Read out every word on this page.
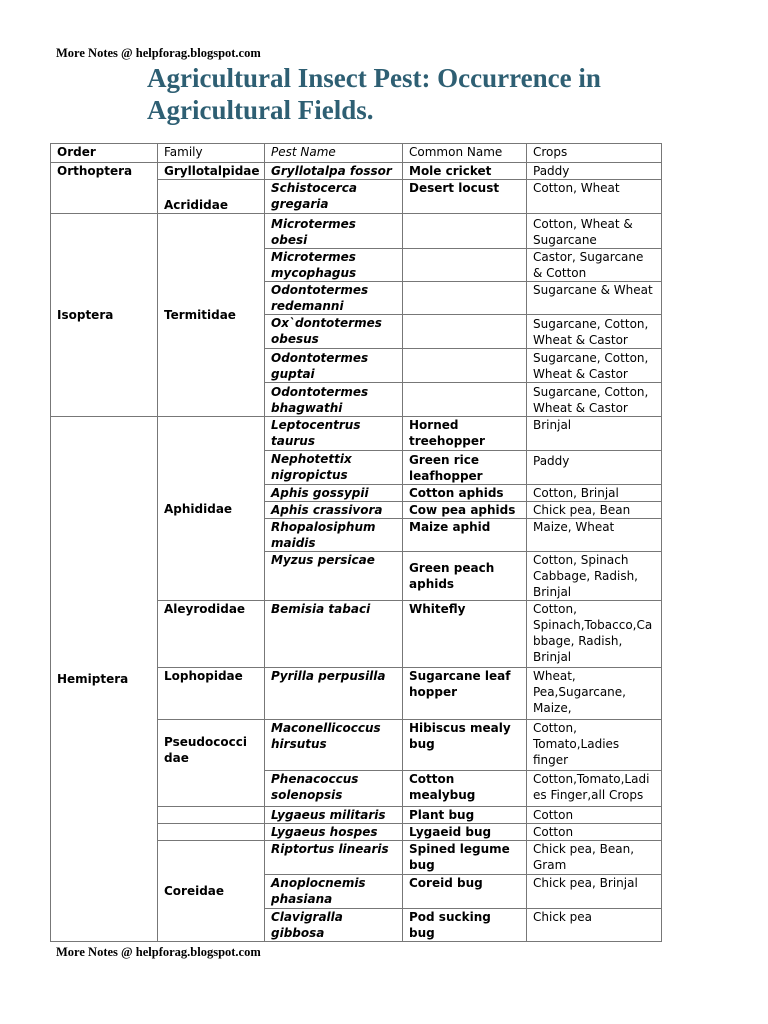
More Notes @ helpforag.blogspot.com
Agricultural Insect Pest: Occurrence in Agricultural Fields.
Order	Family	Pest Name	Common Name	Crops
Orthoptera	Gryllotalpidae	Gryllotalpa fossor	Mole cricket	Paddy
	Acrididae	Schistocerca gregaria	Desert locust	Cotton, Wheat
Isoptera	Termitidae	Microtermes obesi		Cotton, Wheat & Sugarcane
		Microtermes mycophagus		Castor, Sugarcane & Cotton
		Odontotermes redemanni		Sugarcane & Wheat
		Ox`dontotermes obesus		Sugarcane, Cotton, Wheat & Castor
		Odontotermes guptai		Sugarcane, Cotton, Wheat & Castor
		Odontotermes bhagwathi		Sugarcane, Cotton, Wheat & Castor
Hemiptera	Aphididae	Leptocentrus taurus	Horned treehopper	Brinjal
		Nephotettix nigropictus	Green rice leafhopper	Paddy
		Aphis gossypii	Cotton aphids	Cotton, Brinjal
		Aphis crassivora	Cow pea aphids	Chick pea, Bean
		Rhopalosiphum maidis	Maize aphid	Maize, Wheat
		Myzus persicae	Green peach aphids	Cotton, Spinach Cabbage, Radish, Brinjal
	Aleyrodidae	Bemisia tabaci	Whitefly	Cotton, Spinach,Tobacco,Ca bbage, Radish, Brinjal
	Lophopidae	Pyrilla perpusilla	Sugarcane leaf hopper	Wheat, Pea,Sugarcane, Maize,
	Pseudococci dae	Maconellicoccus hirsutus	Hibiscus mealy bug	Cotton, Tomato,Ladies finger
		Phenacoccus solenopsis	Cotton mealybug	Cotton,Tomato,Ladi es Finger,all Crops
		Lygaeus militaris	Plant bug	Cotton
		Lygaeus hospes	Lygaeid bug	Cotton
	Coreidae	Riptortus linearis	Spined legume bug	Chick pea, Bean, Gram
		Anoplocnemis phasiana	Coreid bug	Chick pea, Brinjal
		Clavigralla gibbosa	Pod sucking bug	Chick pea
More Notes @ helpforag.blogspot.com
